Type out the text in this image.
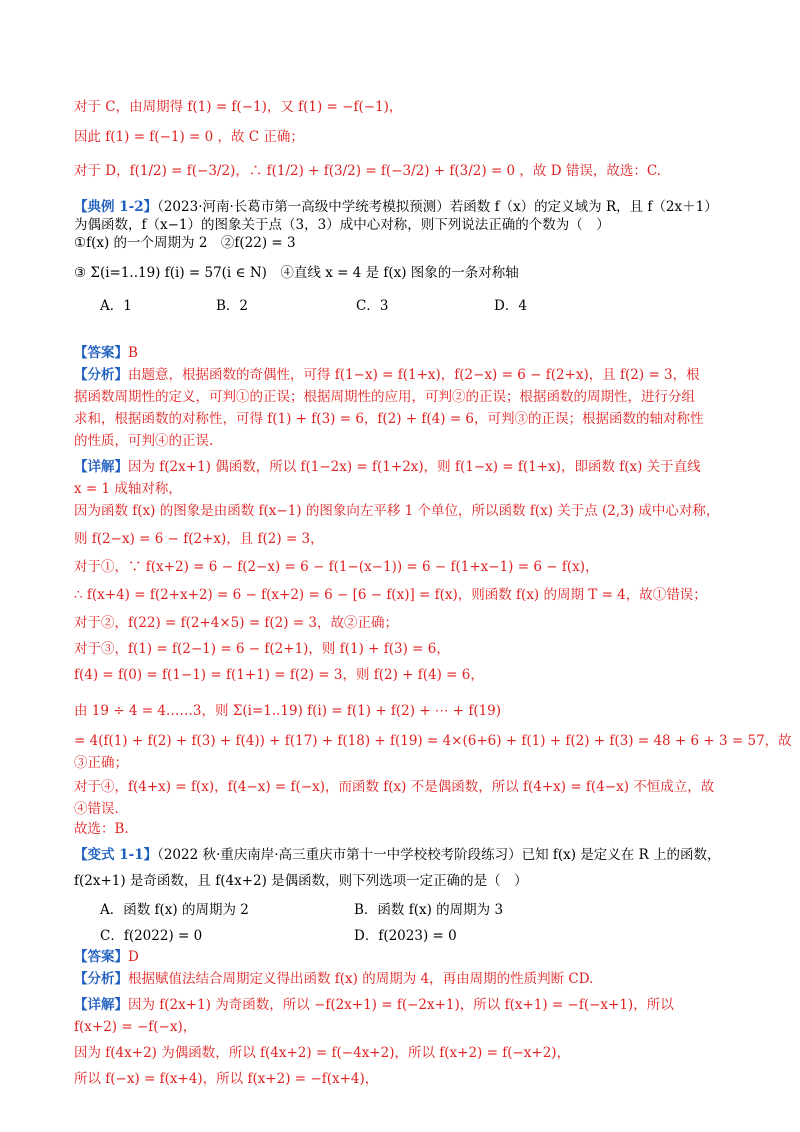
对于 C，由周期得 f(1) = f(−1)，又 f(1) = −f(−1)，
因此 f(1) = f(−1) = 0 ，故 C 正确；
对于 D，f(1/2) = f(−3/2)，∴ f(1/2) + f(3/2) = f(−3/2) + f(3/2) = 0 ，故 D 错误，故选：C.
【典例 1-2】（2023·河南·长葛市第一高级中学统考模拟预测）若函数 f（x）的定义域为 R，且 f（2x＋1）
为偶函数，f（x−1）的图象关于点（3，3）成中心对称，则下列说法正确的个数为（　）
①f(x) 的一个周期为 2　②f(22) = 3
③ Σ(i=1..19) f(i) = 57(i ∈ N)　④直线 x = 4 是 f(x) 图象的一条对称轴
【答案】B
【分析】由题意，根据函数的奇偶性，可得 f(1−x) = f(1+x)，f(2−x) = 6 − f(2+x)，且 f(2) = 3，根
据函数周期性的定义，可判①的正误；根据周期性的应用，可判②的正误；根据函数的周期性，进行分组
求和，根据函数的对称性，可得 f(1) + f(3) = 6，f(2) + f(4) = 6，可判③的正误；根据函数的轴对称性
的性质，可判④的正误.
【详解】因为 f(2x+1) 偶函数，所以 f(1−2x) = f(1+2x)，则 f(1−x) = f(1+x)，即函数 f(x) 关于直线
x = 1 成轴对称，
因为函数 f(x) 的图象是由函数 f(x−1) 的图象向左平移 1 个单位，所以函数 f(x) 关于点 (2,3) 成中心对称，
则 f(2−x) = 6 − f(2+x)，且 f(2) = 3，
对于①，∵ f(x+2) = 6 − f(2−x) = 6 − f(1−(x−1)) = 6 − f(1+x−1) = 6 − f(x)，
∴ f(x+4) = f(2+x+2) = 6 − f(x+2) = 6 − [6 − f(x)] = f(x)，则函数 f(x) 的周期 T = 4，故①错误；
对于②，f(22) = f(2+4×5) = f(2) = 3，故②正确；
对于③，f(1) = f(2−1) = 6 − f(2+1)，则 f(1) + f(3) = 6，
f(4) = f(0) = f(1−1) = f(1+1) = f(2) = 3，则 f(2) + f(4) = 6，
由 19 ÷ 4 = 4……3，则 Σ(i=1..19) f(i) = f(1) + f(2) + ⋯ + f(19)
= 4(f(1) + f(2) + f(3) + f(4)) + f(17) + f(18) + f(19) = 4×(6+6) + f(1) + f(2) + f(3) = 48 + 6 + 3 = 57，故
③正确；
对于④，f(4+x) = f(x)，f(4−x) = f(−x)，而函数 f(x) 不是偶函数，所以 f(4+x) = f(4−x) 不恒成立，故
④错误.
故选：B.
【变式 1-1】（2022 秋·重庆南岸·高三重庆市第十一中学校校考阶段练习）已知 f(x) 是定义在 R 上的函数，
f(2x+1) 是奇函数，且 f(4x+2) 是偶函数，则下列选项一定正确的是（　）
【答案】D
【分析】根据赋值法结合周期定义得出函数 f(x) 的周期为 4，再由周期的性质判断 CD.
【详解】因为 f(2x+1) 为奇函数，所以 −f(2x+1) = f(−2x+1)，所以 f(x+1) = −f(−x+1)，所以
f(x+2) = −f(−x)，
因为 f(4x+2) 为偶函数，所以 f(4x+2) = f(−4x+2)，所以 f(x+2) = f(−x+2)，
所以 f(−x) = f(x+4)，所以 f(x+2) = −f(x+4)，
A．1	B．2	C．3	D．4
A．函数 f(x) 的周期为 2	B．函数 f(x) 的周期为 3
C．f(2022) = 0	D．f(2023) = 0
